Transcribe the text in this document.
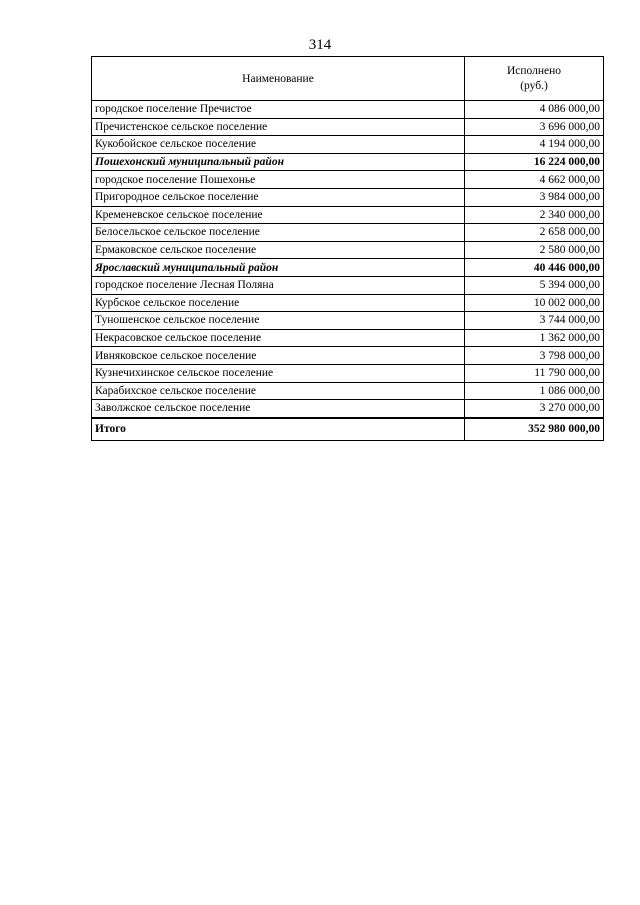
314
Наименование	Исполнено
(руб.)
городское поселение Пречистое	4 086 000,00
Пречистенское сельское поселение	3 696 000,00
Кукобойское сельское поселение	4 194 000,00
Пошехонский муниципальный район	16 224 000,00
городское поселение Пошехонье	4 662 000,00
Пригородное сельское поселение	3 984 000,00
Кременевское сельское поселение	2 340 000,00
Белосельское сельское поселение	2 658 000,00
Ермаковское сельское поселение	2 580 000,00
Ярославский муниципальный район	40 446 000,00
городское поселение Лесная Поляна	5 394 000,00
Курбское сельское поселение	10 002 000,00
Туношенское сельское поселение	3 744 000,00
Некрасовское сельское поселение	1 362 000,00
Ивняковское сельское поселение	3 798 000,00
Кузнечихинское сельское поселение	11 790 000,00
Карабихское сельское поселение	1 086 000,00
Заволжское сельское поселение	3 270 000,00

Итого	352 980 000,00
